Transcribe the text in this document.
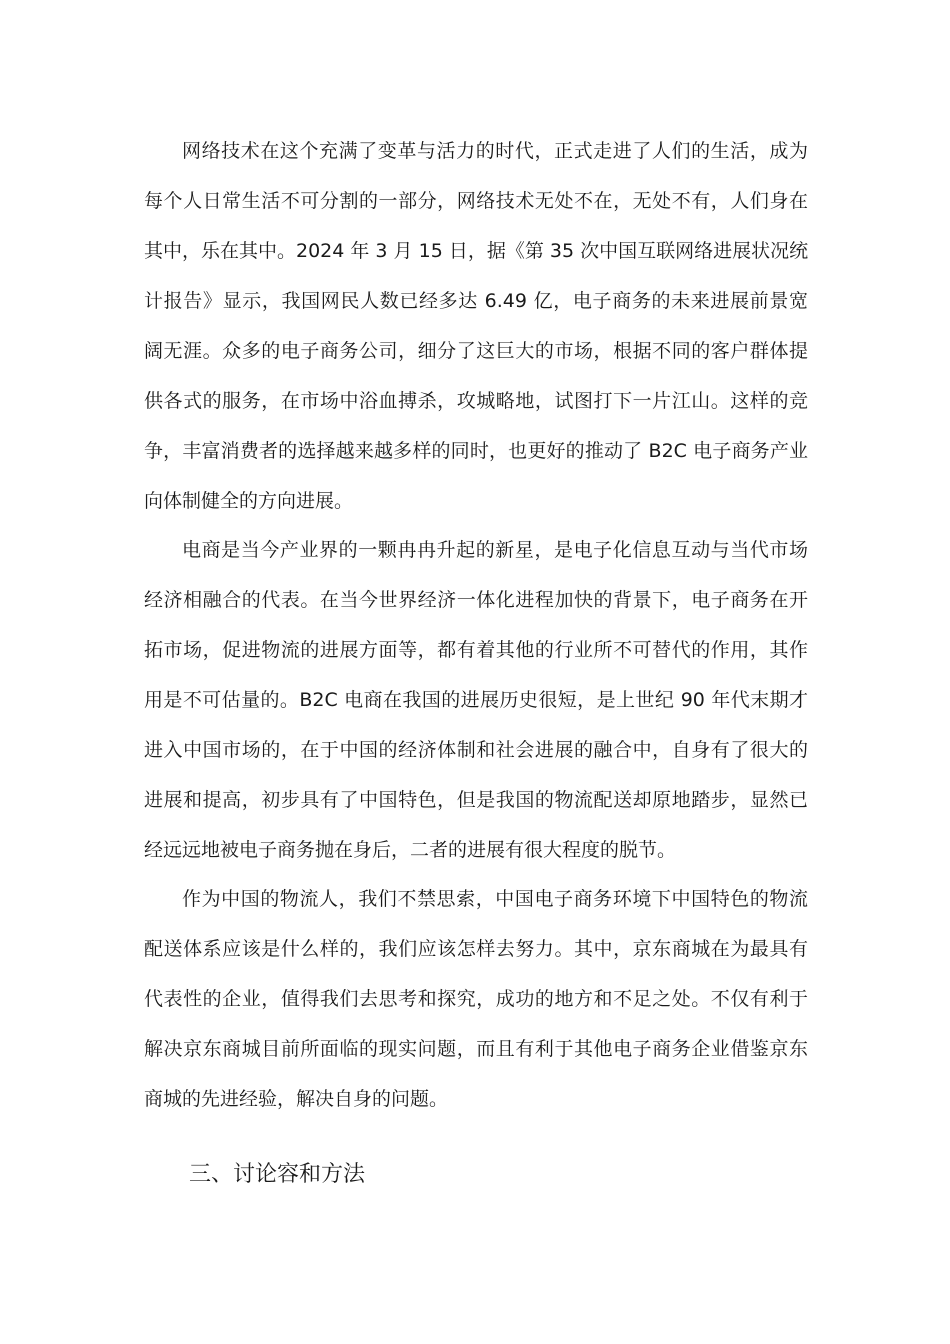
网络技术在这个充满了变革与活力的时代，正式走进了人们的生活，成为
每个人日常生活不可分割的一部分，网络技术无处不在，无处不有，人们身在
其中，乐在其中。2024 年 3 月 15 日，据《第 35 次中国互联网络进展状况统
计报告》显示，我国网民人数已经多达 6.49 亿，电子商务的未来进展前景宽
阔无涯。众多的电子商务公司，细分了这巨大的市场，根据不同的客户群体提
供各式的服务，在市场中浴血搏杀，攻城略地，试图打下一片江山。这样的竞
争，丰富消费者的选择越来越多样的同时，也更好的推动了 B2C 电子商务产业
向体制健全的方向进展。
电商是当今产业界的一颗冉冉升起的新星，是电子化信息互动与当代市场
经济相融合的代表。在当今世界经济一体化进程加快的背景下，电子商务在开
拓市场，促进物流的进展方面等，都有着其他的行业所不可替代的作用，其作
用是不可估量的。B2C 电商在我国的进展历史很短，是上世纪 90 年代末期才
进入中国市场的，在于中国的经济体制和社会进展的融合中，自身有了很大的
进展和提高，初步具有了中国特色，但是我国的物流配送却原地踏步，显然已
经远远地被电子商务抛在身后，二者的进展有很大程度的脱节。
作为中国的物流人，我们不禁思索，中国电子商务环境下中国特色的物流
配送体系应该是什么样的，我们应该怎样去努力。其中，京东商城在为最具有
代表性的企业，值得我们去思考和探究，成功的地方和不足之处。不仅有利于
解决京东商城目前所面临的现实问题，而且有利于其他电子商务企业借鉴京东
商城的先进经验，解决自身的问题。
三、讨论容和方法
